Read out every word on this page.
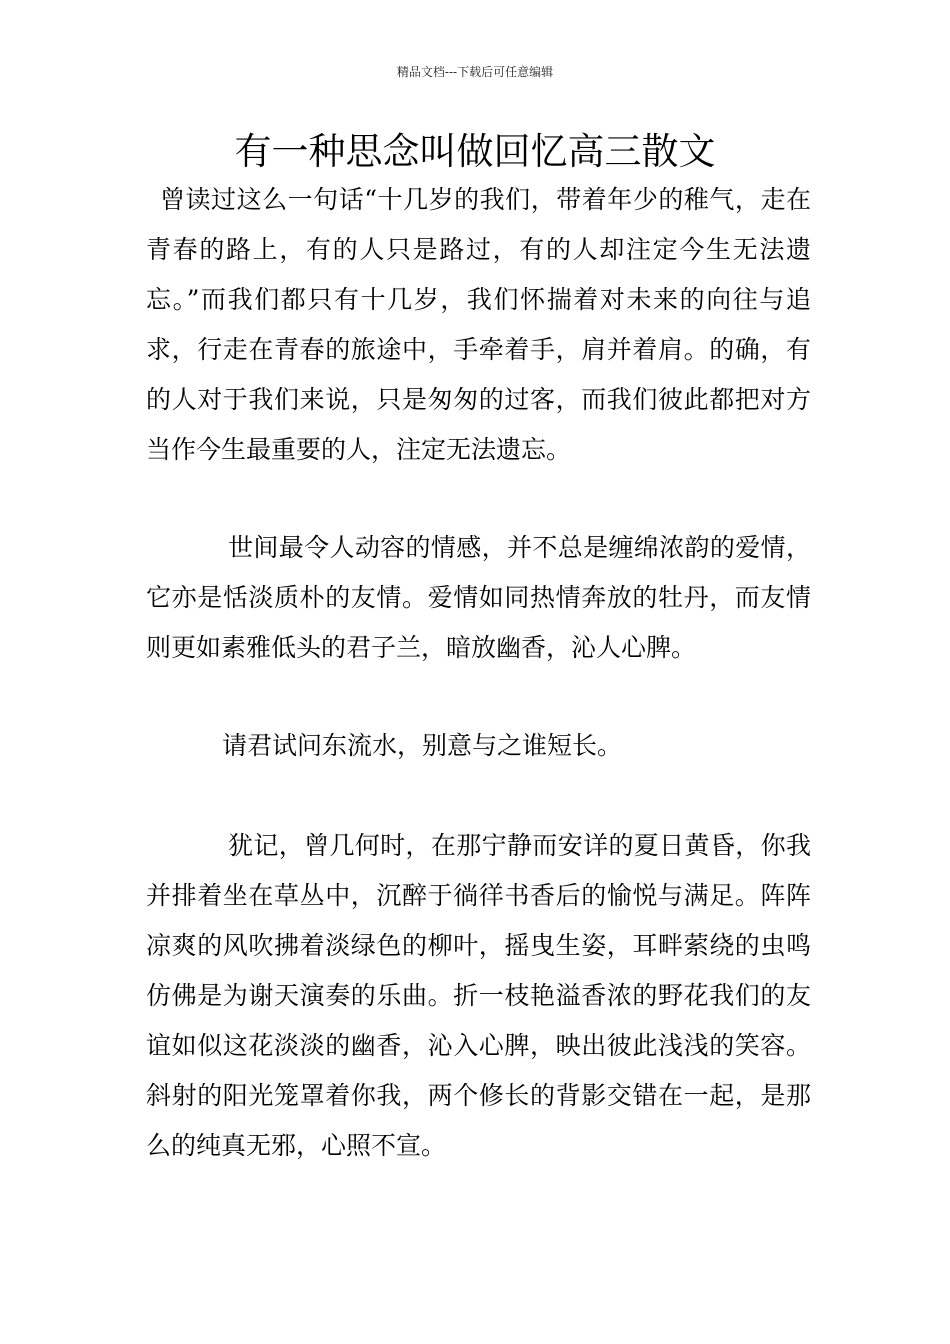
精品文档---下载后可任意编辑
有一种思念叫做回忆高三散文

曾读过这么一句话“十几岁的我们，带着年少的稚气，走在青春的路上，有的人只是路过，有的人却注定今生无法遗忘。”而我们都只有十几岁，我们怀揣着对未来的向往与追求，行走在青春的旅途中，手牵着手，肩并着肩。的确，有的人对于我们来说，只是匆匆的过客，而我们彼此都把对方当作今生最重要的人，注定无法遗忘。

世间最令人动容的情感，并不总是缠绵浓韵的爱情，它亦是恬淡质朴的友情。爱情如同热情奔放的牡丹，而友情则更如素雅低头的君子兰，暗放幽香，沁人心脾。

请君试问东流水，别意与之谁短长。

犹记，曾几何时，在那宁静而安详的夏日黄昏，你我并排着坐在草丛中，沉醉于徜徉书香后的愉悦与满足。阵阵凉爽的风吹拂着淡绿色的柳叶，摇曳生姿，耳畔萦绕的虫鸣仿佛是为谢天演奏的乐曲。折一枝艳溢香浓的野花我们的友谊如似这花淡淡的幽香，沁入心脾，映出彼此浅浅的笑容。斜射的阳光笼罩着你我，两个修长的背影交错在一起，是那么的纯真无邪，心照不宣。
